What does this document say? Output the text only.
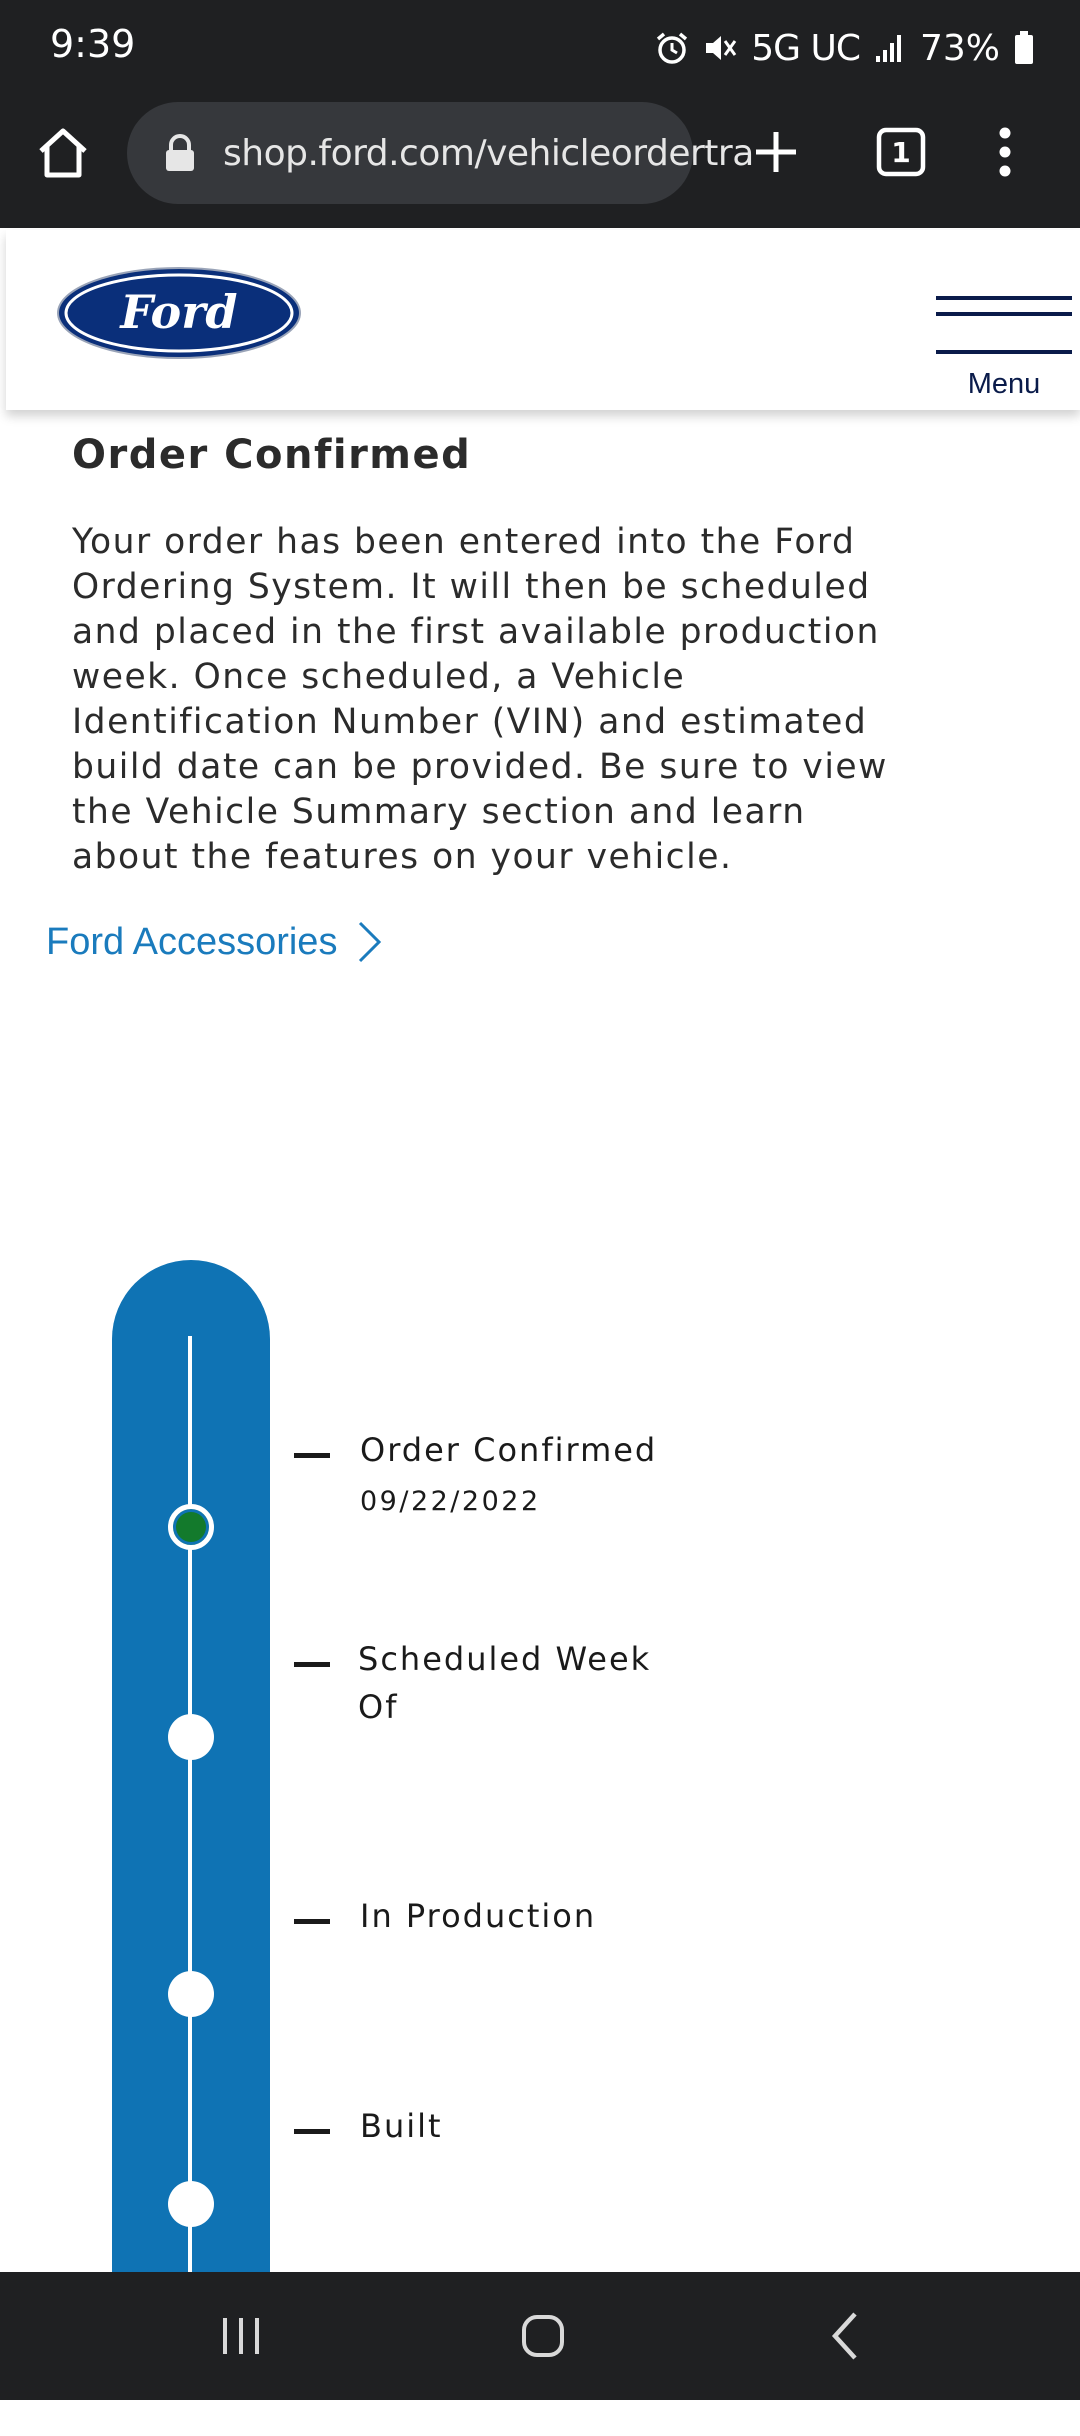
9:39	5G UC 73%
shop.ford.com/vehicleordertra	1
Ford
Menu
Order Confirmed
Your order has been entered into the Ford
Ordering System. It will then be scheduled
and placed in the first available production
week. Once scheduled, a Vehicle
Identification Number (VIN) and estimated
build date can be provided. Be sure to view
the Vehicle Summary section and learn
about the features on your vehicle.
Ford Accessories
Order Confirmed
09/22/2022
Scheduled Week
Of
In Production
Built
